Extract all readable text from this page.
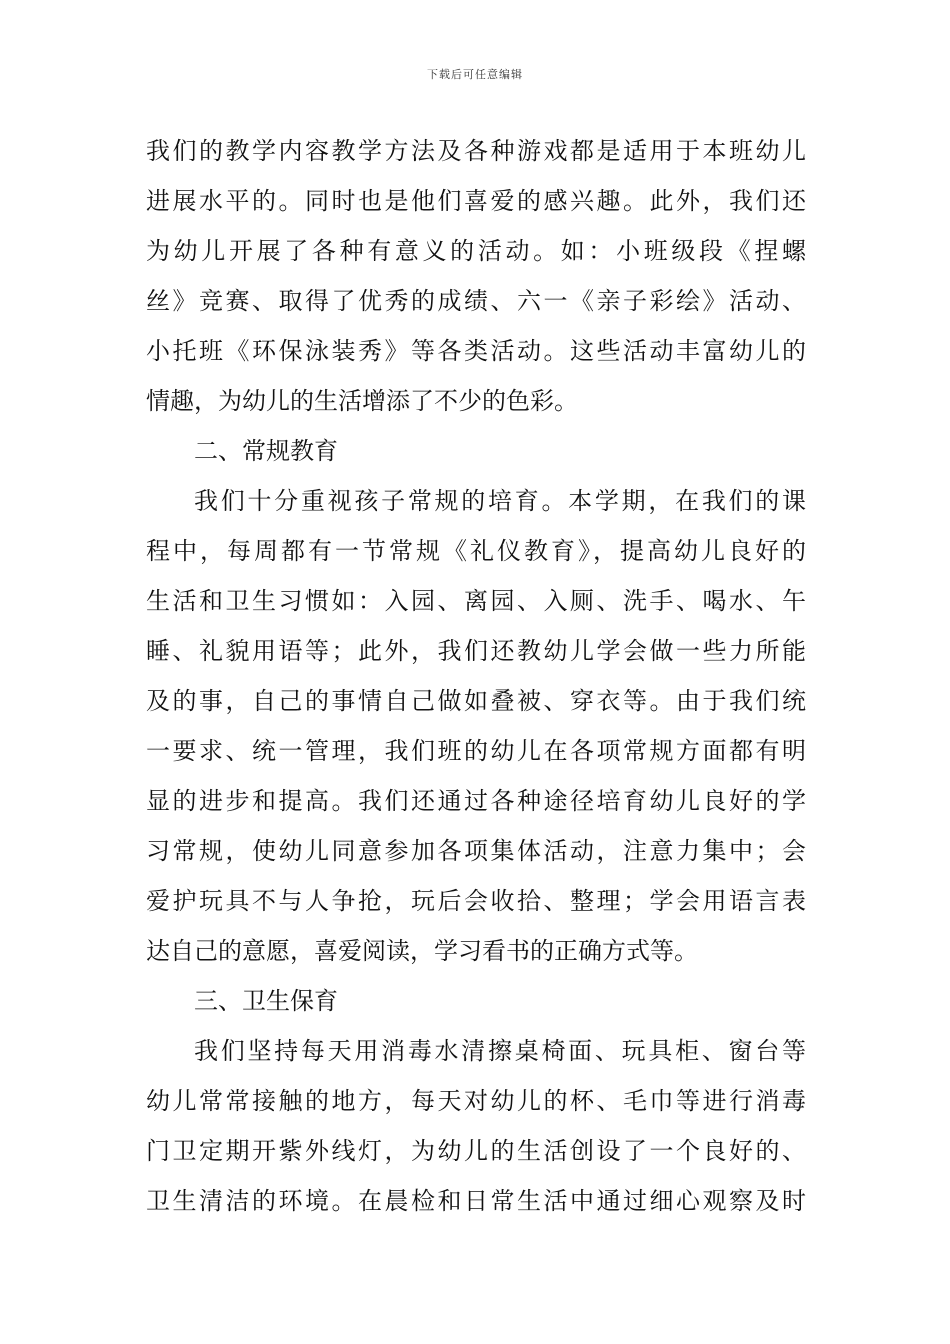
下载后可任意编辑
我们的教学内容教学方法及各种游戏都是适用于本班幼儿
进展水平的。同时也是他们喜爱的感兴趣。此外，我们还
为幼儿开展了各种有意义的活动。如：小班级段《捏螺
丝》竞赛、取得了优秀的成绩、六一《亲子彩绘》活动、
小托班《环保泳装秀》等各类活动。这些活动丰富幼儿的
情趣，为幼儿的生活增添了不少的色彩。
二、常规教育
我们十分重视孩子常规的培育。本学期，在我们的课
程中，每周都有一节常规《礼仪教育》，提高幼儿良好的
生活和卫生习惯如：入园、离园、入厕、洗手、喝水、午
睡、礼貌用语等；此外，我们还教幼儿学会做一些力所能
及的事，自己的事情自己做如叠被、穿衣等。由于我们统
一要求、统一管理，我们班的幼儿在各项常规方面都有明
显的进步和提高。我们还通过各种途径培育幼儿良好的学
习常规，使幼儿同意参加各项集体活动，注意力集中；会
爱护玩具不与人争抢，玩后会收拾、整理；学会用语言表
达自己的意愿，喜爱阅读，学习看书的正确方式等。
三、卫生保育
我们坚持每天用消毒水清擦桌椅面、玩具柜、窗台等
幼儿常常接触的地方，每天对幼儿的杯、毛巾等进行消毒
门卫定期开紫外线灯，为幼儿的生活创设了一个良好的、
卫生清洁的环境。在晨检和日常生活中通过细心观察及时
